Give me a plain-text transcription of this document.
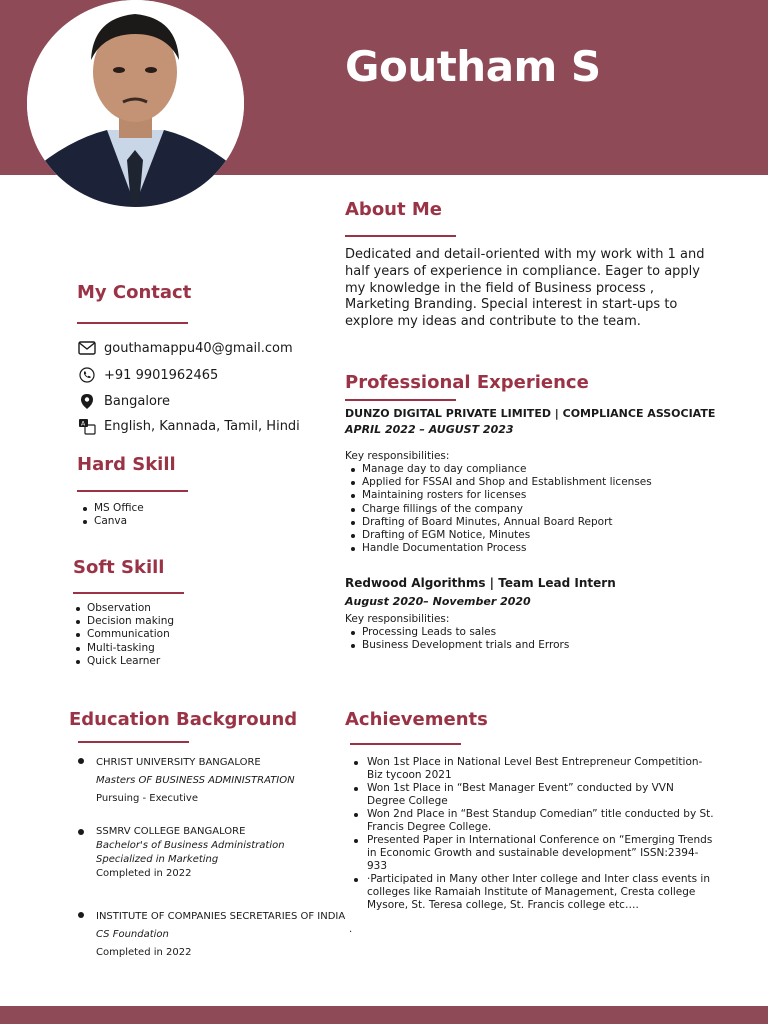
Goutham S
About Me
Dedicated and detail-oriented with my work with 1 and half years of experience in compliance. Eager to apply my knowledge in the field of Business process , Marketing Branding. Special interest in start-ups to explore my ideas and contribute to the team.
My Contact
gouthamappu40@gmail.com
+91 9901962465
Bangalore
A English, Kannada, Tamil, Hindi
Hard Skill
MS Office
Canva
Soft Skill
Observation
Decision making
Communication
Multi-tasking
Quick Learner
Professional Experience
DUNZO DIGITAL PRIVATE LIMITED | COMPLIANCE ASSOCIATE
APRIL 2022 – AUGUST 2023
Key responsibilities:
Manage day to day compliance
Applied for FSSAI and Shop and Establishment licenses
Maintaining rosters for licenses
Charge fillings of the company
Drafting of Board Minutes, Annual Board Report
Drafting of EGM Notice, Minutes
Handle Documentation Process
Redwood Algorithms | Team Lead Intern
August 2020– November 2020
Key responsibilities:
Processing Leads to sales
Business Development trials and Errors
Education Background
CHRIST UNIVERSITY BANGALORE
Masters OF BUSINESS ADMINISTRATION
Pursuing - Executive
SSMRV COLLEGE BANGALORE
Bachelor's of Business Administration
Specialized in Marketing
Completed in 2022
INSTITUTE OF COMPANIES SECRETARIES OF INDIA
CS Foundation
Completed in 2022
Achievements
Won 1st Place in National Level Best Entrepreneur Competition- Biz tycoon 2021
Won 1st Place in “Best Manager Event” conducted by VVN Degree College
Won 2nd Place in “Best Standup Comedian” title conducted by St. Francis Degree College.
Presented Paper in International Conference on “Emerging Trends in Economic Growth and sustainable development” ISSN:2394-933
·Participated in Many other Inter college and Inter class events in colleges like Ramaiah Institute of Management, Cresta college Mysore, St. Teresa college, St. Francis college etc….
.
